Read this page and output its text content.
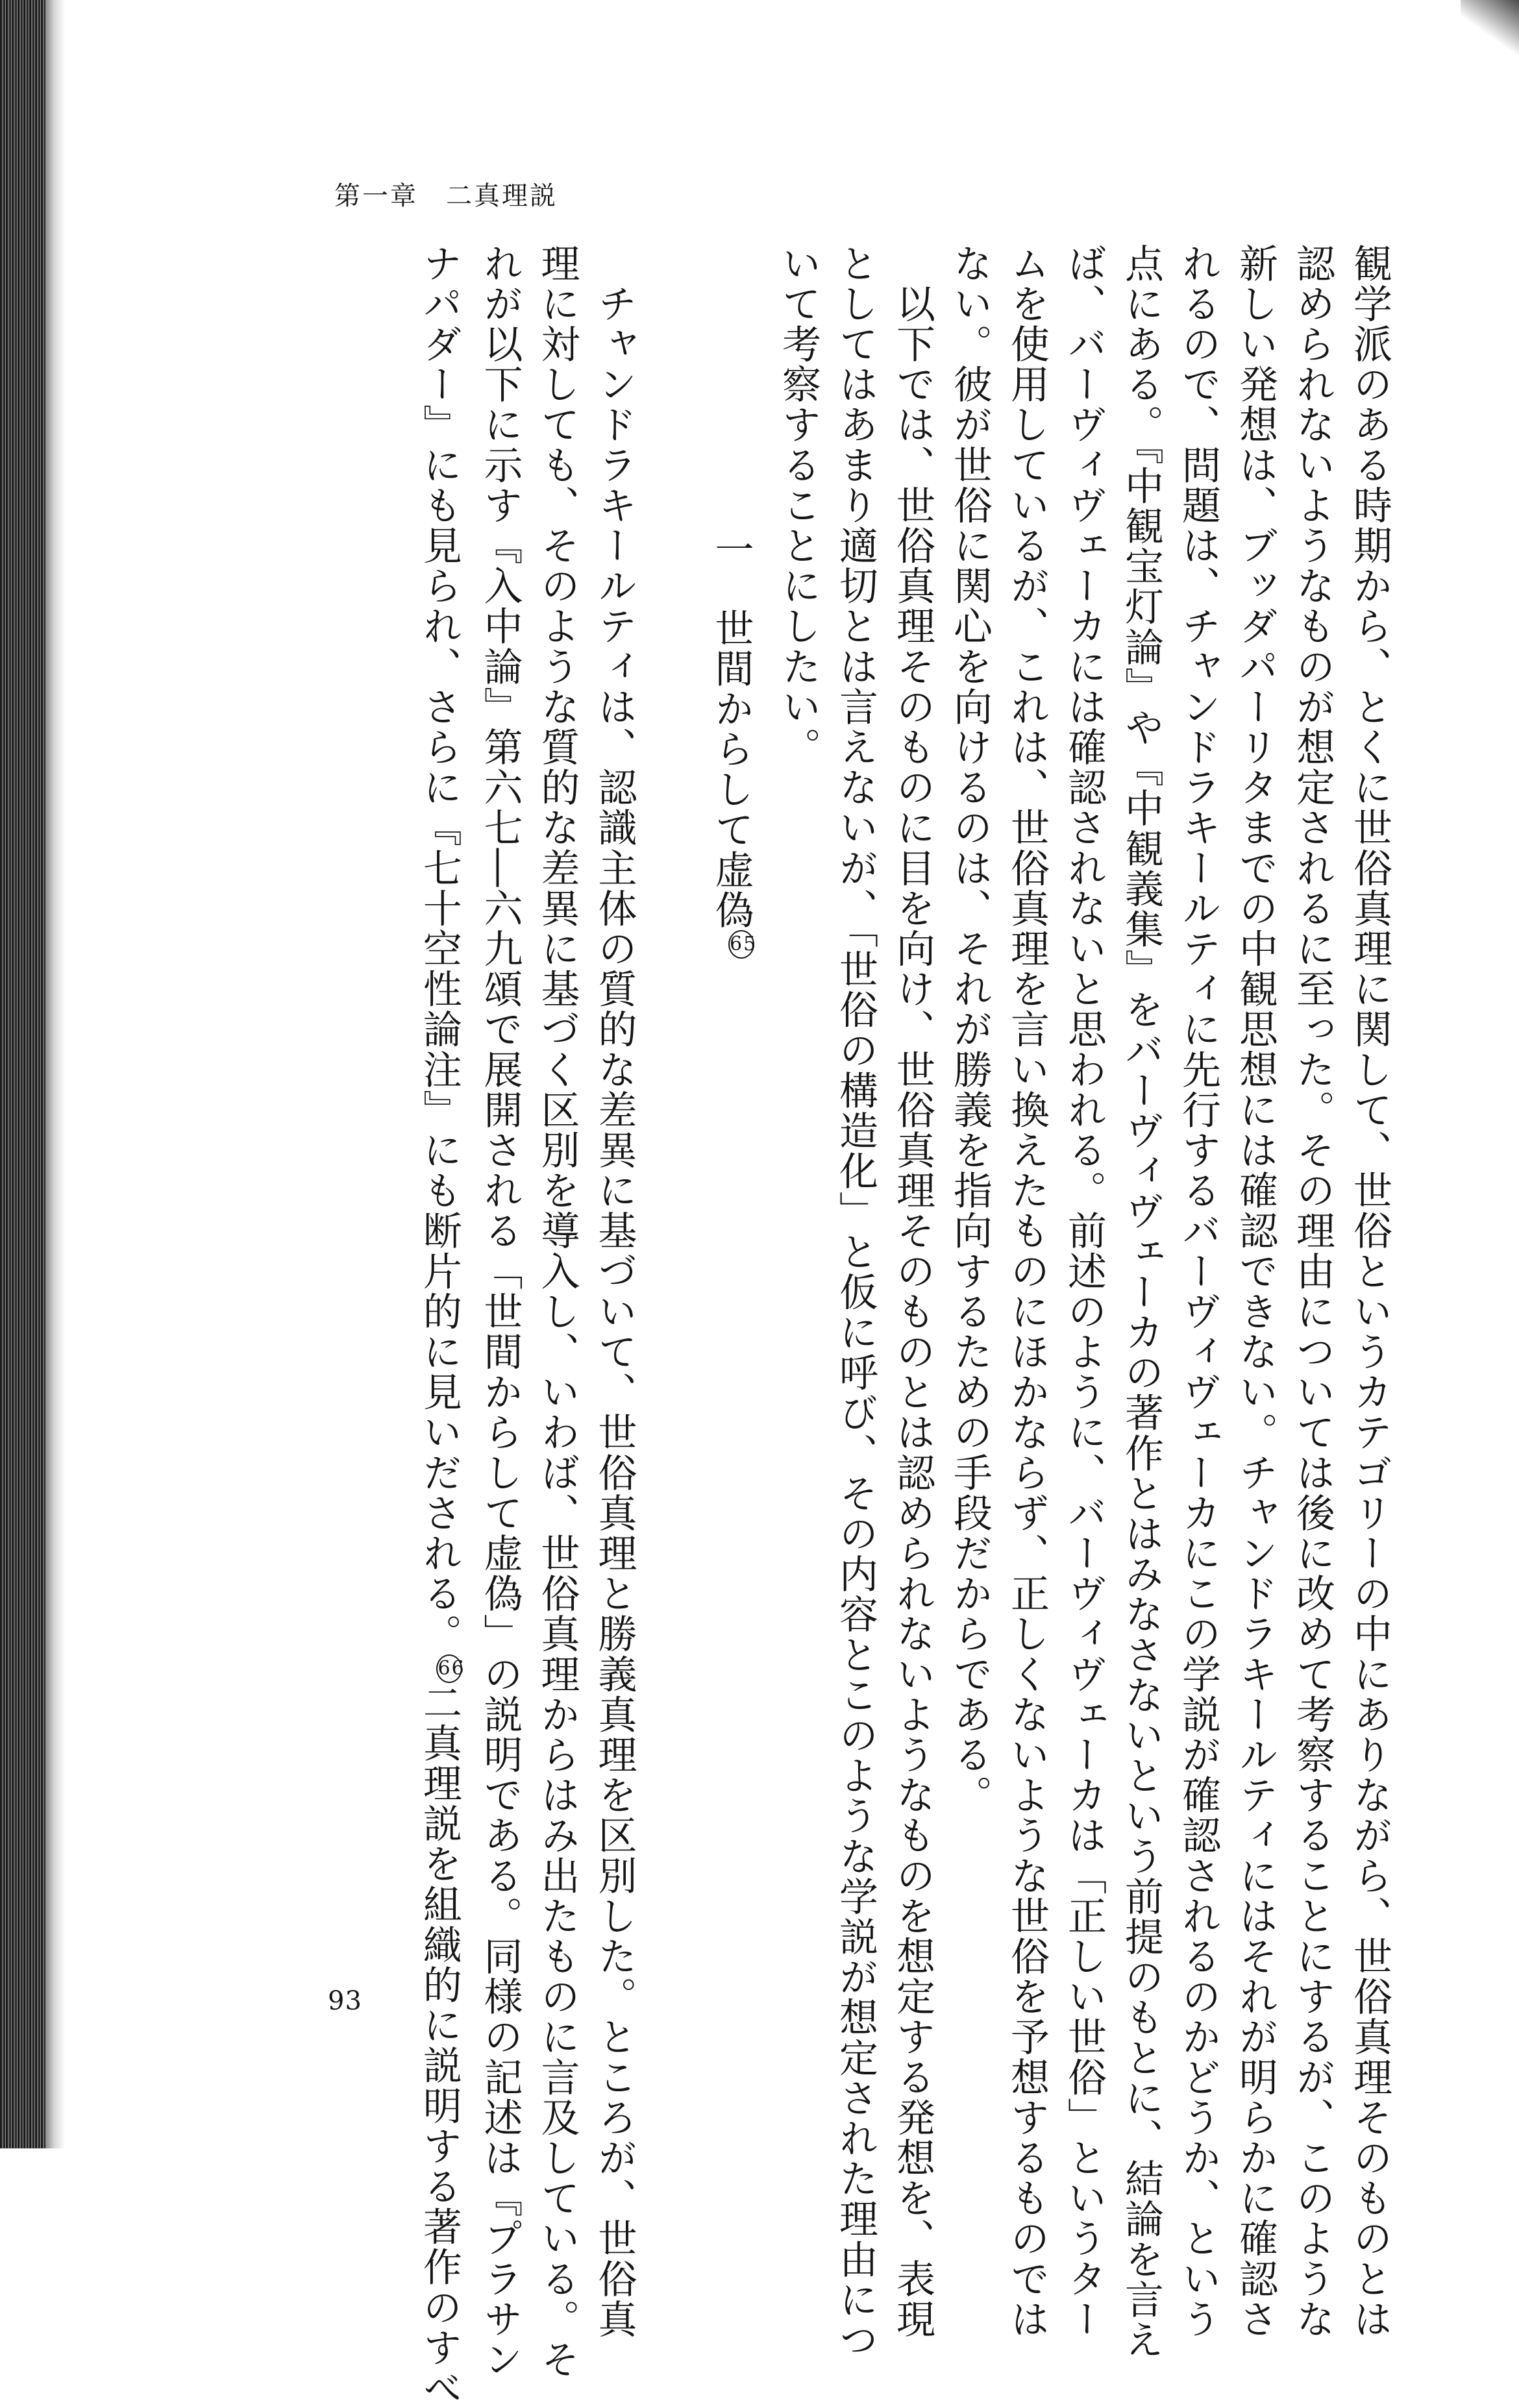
第一章　二真理説
観学派のある時期から、とくに世俗真理に関して、世俗というカテゴリーの中にありながら、世俗真理そのものとは
認められないようなものが想定されるに至った。その理由については後に改めて考察することにするが、このような
新しい発想は、ブッダパーリタまでの中観思想には確認できない。チャンドラキールティにはそれが明らかに確認さ
れるので、問題は、チャンドラキールティに先行するバーヴィヴェーカにこの学説が確認されるのかどうか、という
点にある。『中観宝灯論』や『中観義集』をバーヴィヴェーカの著作とはみなさないという前提のもとに、結論を言え
ば、バーヴィヴェーカには確認されないと思われる。前述のように、バーヴィヴェーカは「正しい世俗」というター
ムを使用しているが、これは、世俗真理を言い換えたものにほかならず、正しくないような世俗を予想するものでは
ない。彼が世俗に関心を向けるのは、それが勝義を指向するための手段だからである。
　以下では、世俗真理そのものに目を向け、世俗真理そのものとは認められないようなものを想定する発想を、表現
としてはあまり適切とは言えないが、「世俗の構造化」と仮に呼び、その内容とこのような学説が想定された理由につ
いて考察することにしたい。
一世間からして虚偽65
　チャンドラキールティは、認識主体の質的な差異に基づいて、世俗真理と勝義真理を区別した。ところが、世俗真
理に対しても、そのような質的な差異に基づく区別を導入し、いわば、世俗真理からはみ出たものに言及している。そ
れが以下に示す『入中論』第六七―六九頌で展開される「世間からして虚偽」の説明である。同様の記述は『プラサン
ナパダー』にも見られ、さらに『七十空性論注』にも断片的に見いだされる。66二真理説を組織的に説明する著作のすべ
93
